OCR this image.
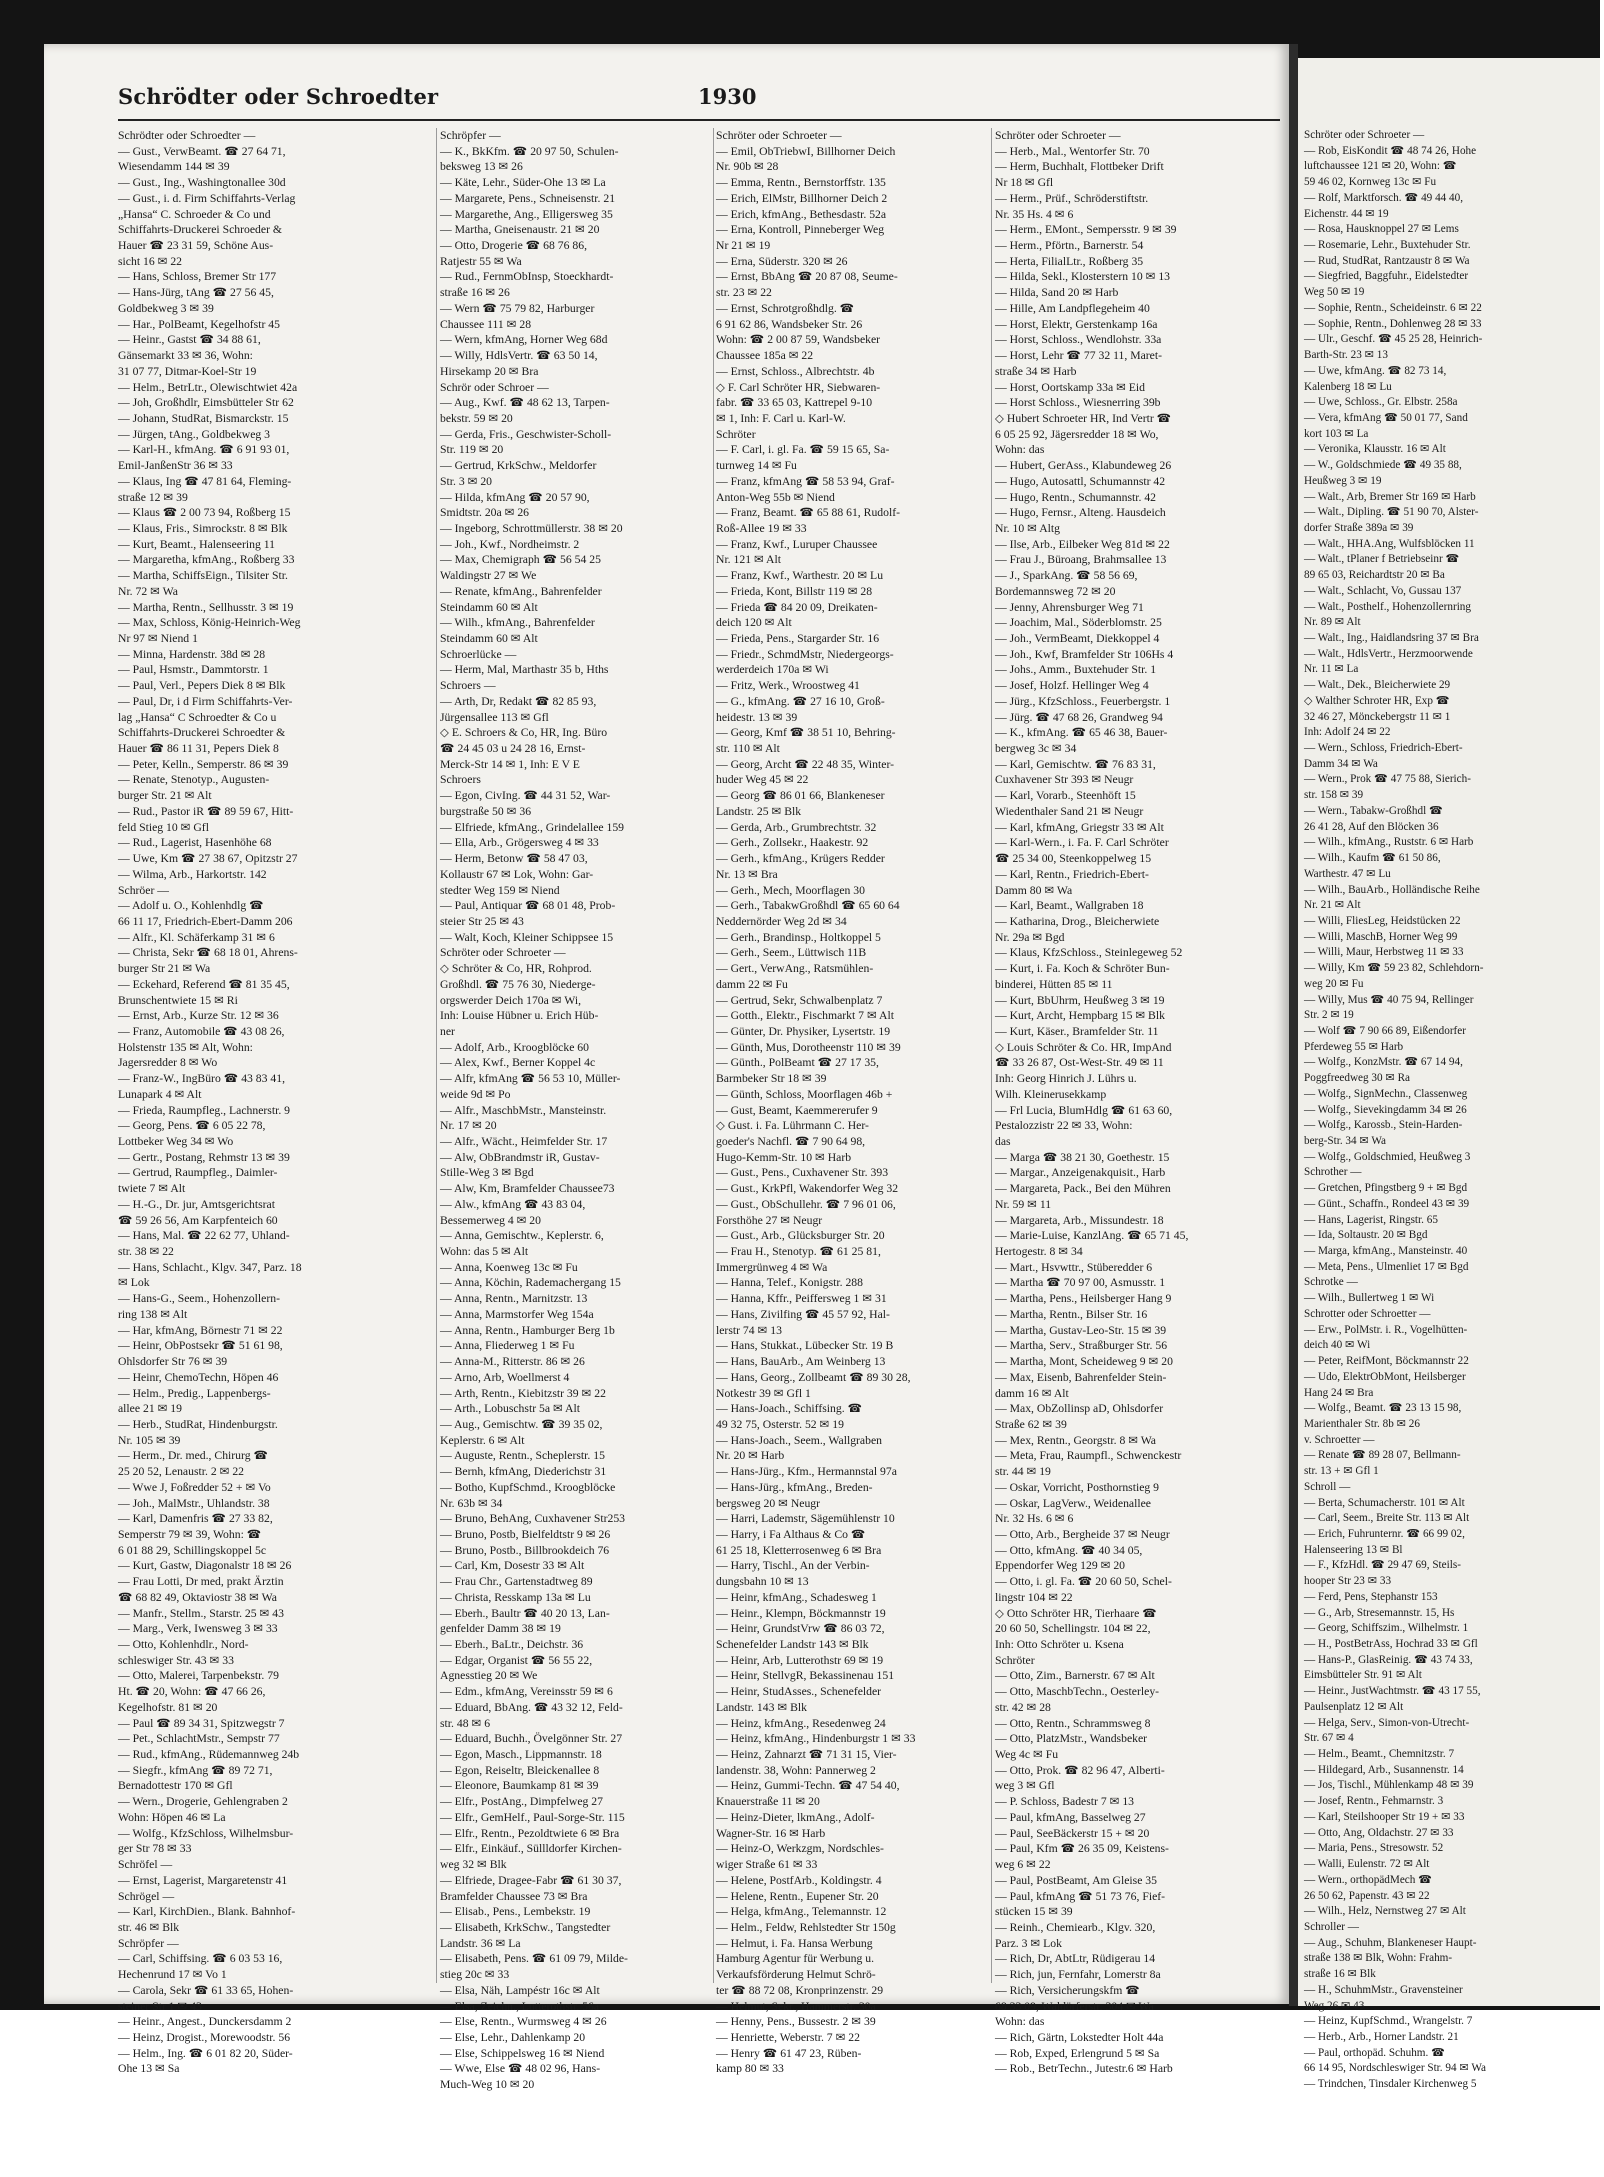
Schrödter oder Schroedter	1930
Schrödter oder Schroedter —
— Gust., VerwBeamt. ☎ 27 64 71,
Wiesendamm 144 ✉ 39
— Gust., Ing., Washingtonallee 30d
— Gust., i. d. Firm Schiffahrts-Verlag
„Hansa“ C. Schroeder & Co und
Schiffahrts-Druckerei Schroeder &
Hauer ☎ 23 31 59, Schöne Aus-
sicht 16 ✉ 22
— Hans, Schloss, Bremer Str 177
— Hans-Jürg, tAng ☎ 27 56 45,
Goldbekweg 3 ✉ 39
— Har., PolBeamt, Kegelhofstr 45
— Heinr., Gastst ☎ 34 88 61,
Gänsemarkt 33 ✉ 36, Wohn:
31 07 77, Ditmar-Koel-Str 19
— Helm., BetrLtr., Olewischtwiet 42a
— Joh, Großhdlr, Eimsbütteler Str 62
— Johann, StudRat, Bismarckstr. 15
— Jürgen, tAng., Goldbekweg 3
— Karl-H., kfmAng. ☎ 6 91 93 01,
Emil-JanßenStr 36 ✉ 33
— Klaus, Ing ☎ 47 81 64, Fleming-
straße 12 ✉ 39
— Klaus ☎ 2 00 73 94, Roßberg 15
— Klaus, Fris., Simrockstr. 8 ✉ Blk
— Kurt, Beamt., Halenseering 11
— Margaretha, kfmAng., Roßberg 33
— Martha, SchiffsEign., Tilsiter Str.
Nr. 72 ✉ Wa
— Martha, Rentn., Sellhusstr. 3 ✉ 19
— Max, Schloss, König-Heinrich-Weg
Nr 97 ✉ Niend 1
— Minna, Hardenstr. 38d ✉ 28
— Paul, Hsmstr., Dammtorstr. 1
— Paul, Verl., Pepers Diek 8 ✉ Blk
— Paul, Dr, i d Firm Schiffahrts-Ver-
lag „Hansa“ C Schroedter & Co u
Schiffahrts-Druckerei Schroedter &
Hauer ☎ 86 11 31, Pepers Diek 8
— Peter, Kelln., Semperstr. 86 ✉ 39
— Renate, Stenotyp., Augusten-
burger Str. 21 ✉ Alt
— Rud., Pastor iR ☎ 89 59 67, Hitt-
feld Stieg 10 ✉ Gfl
— Rud., Lagerist, Hasenhöhe 68
— Uwe, Km ☎ 27 38 67, Opitzstr 27
— Wilma, Arb., Harkortstr. 142
Schröer —
— Adolf u. O., Kohlenhdlg ☎
66 11 17, Friedrich-Ebert-Damm 206
— Alfr., Kl. Schäferkamp 31 ✉ 6
— Christa, Sekr ☎ 68 18 01, Ahrens-
burger Str 21 ✉ Wa
— Eckehard, Referend ☎ 81 35 45,
Brunschentwiete 15 ✉ Ri
— Ernst, Arb., Kurze Str. 12 ✉ 36
— Franz, Automobile ☎ 43 08 26,
Holstenstr 135 ✉ Alt, Wohn:
Jagersredder 8 ✉ Wo
— Franz-W., IngBüro ☎ 43 83 41,
Lunapark 4 ✉ Alt
— Frieda, Raumpfleg., Lachnerstr. 9
— Georg, Pens. ☎ 6 05 22 78,
Lottbeker Weg 34 ✉ Wo
— Gertr., Postang, Rehmstr 13 ✉ 39
— Gertrud, Raumpfleg., Daimler-
twiete 7 ✉ Alt
— H.-G., Dr. jur, Amtsgerichtsrat
☎ 59 26 56, Am Karpfenteich 60
— Hans, Mal. ☎ 22 62 77, Uhland-
str. 38 ✉ 22
— Hans, Schlacht., Klgv. 347, Parz. 18
✉ Lok
— Hans-G., Seem., Hohenzollern-
ring 138 ✉ Alt
— Har, kfmAng, Börnestr 71 ✉ 22
— Heinr, ObPostsekr ☎ 51 61 98,
Ohlsdorfer Str 76 ✉ 39
— Heinr, ChemoTechn, Höpen 46
— Helm., Predig., Lappenbergs-
allee 21 ✉ 19
— Herb., StudRat, Hindenburgstr.
Nr. 105 ✉ 39
— Herm., Dr. med., Chirurg ☎
25 20 52, Lenaustr. 2 ✉ 22
— Wwe J, Foßredder 52 + ✉ Vo
— Joh., MalMstr., Uhlandstr. 38
— Karl, Damenfris ☎ 27 33 82,
Semperstr 79 ✉ 39, Wohn: ☎
6 01 88 29, Schillingskoppel 5c
— Kurt, Gastw, Diagonalstr 18 ✉ 26
— Frau Lotti, Dr med, prakt Ärztin
☎ 68 82 49, Oktaviostr 38 ✉ Wa
— Manfr., Stellm., Starstr. 25 ✉ 43
— Marg., Verk, Iwensweg 3 ✉ 33
— Otto, Kohlenhdlr., Nord-
schleswiger Str. 43 ✉ 33
— Otto, Malerei, Tarpenbekstr. 79
Ht. ☎ 20, Wohn: ☎ 47 66 26,
Kegelhofstr. 81 ✉ 20
— Paul ☎ 89 34 31, Spitzwegstr 7
— Pet., SchlachtMstr., Sempstr 77
— Rud., kfmAng., Rüdemannweg 24b
— Siegfr., kfmAng ☎ 89 72 71,
Bernadottestr 170 ✉ Gfl
— Wern., Drogerie, Gehlengraben 2
Wohn: Höpen 46 ✉ La
— Wolfg., KfzSchloss, Wilhelmsbur-
ger Str 78 ✉ 33
Schröfel —
— Ernst, Lagerist, Margaretenstr 41
Schrögel —
— Karl, KirchDien., Blank. Bahnhof-
str. 46 ✉ Blk
Schröpfer —
— Carl, Schiffsing. ☎ 6 03 53 16,
Hechenrund 17 ✉ Vo 1
— Carola, Sekr ☎ 61 33 65, Hohen-
steiner Str 1 ✉ 43
— Heinr., Angest., Dunckersdamm 2
— Heinz, Drogist., Morewoodstr. 56
— Helm., Ing. ☎ 6 01 82 20, Süder-
Ohe 13 ✉ Sa
Schröpfer —
— K., BkKfm. ☎ 20 97 50, Schulen-
beksweg 13 ✉ 26
— Käte, Lehr., Süder-Ohe 13 ✉ La
— Margarete, Pens., Schneisenstr. 21
— Margarethe, Ang., Elligersweg 35
— Martha, Gneisenaustr. 21 ✉ 20
— Otto, Drogerie ☎ 68 76 86,
Ratjestr 55 ✉ Wa
— Rud., FernmObInsp, Stoeckhardt-
straße 16 ✉ 26
— Wern ☎ 75 79 82, Harburger
Chaussee 111 ✉ 28
— Wern, kfmAng, Horner Weg 68d
— Willy, HdlsVertr. ☎ 63 50 14,
Hirsekamp 20 ✉ Bra
Schrör oder Schroer —
— Aug., Kwf. ☎ 48 62 13, Tarpen-
bekstr. 59 ✉ 20
— Gerda, Fris., Geschwister-Scholl-
Str. 119 ✉ 20
— Gertrud, KrkSchw., Meldorfer
Str. 3 ✉ 20
— Hilda, kfmAng ☎ 20 57 90,
Smidtstr. 20a ✉ 26
— Ingeborg, Schrottmüllerstr. 38 ✉ 20
— Joh., Kwf., Nordheimstr. 2
— Max, Chemigraph ☎ 56 54 25
Waldingstr 27 ✉ We
— Renate, kfmAng., Bahrenfelder
Steindamm 60 ✉ Alt
— Wilh., kfmAng., Bahrenfelder
Steindamm 60 ✉ Alt
Schroerlücke —
— Herm, Mal, Marthastr 35 b, Hths
Schroers —
— Arth, Dr, Redakt ☎ 82 85 93,
Jürgensallee 113 ✉ Gfl
◇ E. Schroers & Co, HR, Ing. Büro
☎ 24 45 03 u 24 28 16, Ernst-
Merck-Str 14 ✉ 1, Inh: E V E
Schroers
— Egon, CivIng. ☎ 44 31 52, War-
burgstraße 50 ✉ 36
— Elfriede, kfmAng., Grindelallee 159
— Ella, Arb., Grögersweg 4 ✉ 33
— Herm, Betonw ☎ 58 47 03,
Kollaustr 67 ✉ Lok, Wohn: Gar-
stedter Weg 159 ✉ Niend
— Paul, Antiquar ☎ 68 01 48, Prob-
steier Str 25 ✉ 43
— Walt, Koch, Kleiner Schippsee 15
Schröter oder Schroeter —
◇ Schröter & Co, HR, Rohprod.
Großhdl. ☎ 75 76 30, Niederge-
orgswerder Deich 170a ✉ Wi,
Inh: Louise Hübner u. Erich Hüb-
ner
— Adolf, Arb., Kroogblöcke 60
— Alex, Kwf., Berner Koppel 4c
— Alfr, kfmAng ☎ 56 53 10, Müller-
weide 9d ✉ Po
— Alfr., MaschbMstr., Mansteinstr.
Nr. 17 ✉ 20
— Alfr., Wächt., Heimfelder Str. 17
— Alw, ObBrandmstr iR, Gustav-
Stille-Weg 3 ✉ Bgd
— Alw, Km, Bramfelder Chaussee73
— Alw., kfmAng ☎ 43 83 04,
Bessemerweg 4 ✉ 20
— Anna, Gemischtw., Keplerstr. 6,
Wohn: das 5 ✉ Alt
— Anna, Koenweg 13c ✉ Fu
— Anna, Köchin, Rademachergang 15
— Anna, Rentn., Marnitzstr. 13
— Anna, Marmstorfer Weg 154a
— Anna, Rentn., Hamburger Berg 1b
— Anna, Fliederweg 1 ✉ Fu
— Anna-M., Ritterstr. 86 ✉ 26
— Arno, Arb, Woellmerst 4
— Arth, Rentn., Kiebitzstr 39 ✉ 22
— Arth., Lobuschstr 5a ✉ Alt
— Aug., Gemischtw. ☎ 39 35 02,
Keplerstr. 6 ✉ Alt
— Auguste, Rentn., Scheplerstr. 15
— Bernh, kfmAng, Diederichstr 31
— Botho, KupfSchmd., Kroogblöcke
Nr. 63b ✉ 34
— Bruno, BehAng, Cuxhavener Str253
— Bruno, Postb, Bielfeldtstr 9 ✉ 26
— Bruno, Postb., Billbrookdeich 76
— Carl, Km, Dosestr 33 ✉ Alt
— Frau Chr., Gartenstadtweg 89
— Christa, Resskamp 13a ✉ Lu
— Eberh., Baultr ☎ 40 20 13, Lan-
genfelder Damm 38 ✉ 19
— Eberh., BaLtr., Deichstr. 36
— Edgar, Organist ☎ 56 55 22,
Agnesstieg 20 ✉ We
— Edm., kfmAng, Vereinsstr 59 ✉ 6
— Eduard, BbAng. ☎ 43 32 12, Feld-
str. 48 ✉ 6
— Eduard, Buchh., Övelgönner Str. 27
— Egon, Masch., Lippmannstr. 18
— Egon, Reiseltr, Bleickenallee 8
— Eleonore, Baumkamp 81 ✉ 39
— Elfr., PostAng., Dimpfelweg 27
— Elfr., GemHelf., Paul-Sorge-Str. 115
— Elfr., Rentn., Pezoldtwiete 6 ✉ Bra
— Elfr., Einkäuf., Süllldorfer Kirchen-
weg 32 ✉ Blk
— Elfriede, Dragee-Fabr ☎ 61 30 37,
Bramfelder Chaussee 73 ✉ Bra
— Elisab., Pens., Lembekstr. 19
— Elisabeth, KrkSchw., Tangstedter
Landstr. 36 ✉ La
— Elisabeth, Pens. ☎ 61 09 79, Milde-
stieg 20c ✉ 33
— Elsa, Näh, Lampéstr 16c ✉ Alt
— Elsa, Zeichn., Lutterothstr. 56a
— Else, Rentn., Wurmsweg 4 ✉ 26
— Else, Lehr., Dahlenkamp 20
— Else, Schippelsweg 16 ✉ Niend
— Wwe, Else ☎ 48 02 96, Hans-
Much-Weg 10 ✉ 20
Schröter oder Schroeter —
— Emil, ObTriebwI, Billhorner Deich
Nr. 90b ✉ 28
— Emma, Rentn., Bernstorffstr. 135
— Erich, ElMstr, Billhorner Deich 2
— Erich, kfmAng., Bethesdastr. 52a
— Erna, Kontroll, Pinneberger Weg
Nr 21 ✉ 19
— Erna, Süderstr. 320 ✉ 26
— Ernst, BbAng ☎ 20 87 08, Seume-
str. 23 ✉ 22
— Ernst, Schrotgroßhdlg. ☎
6 91 62 86, Wandsbeker Str. 26
Wohn: ☎ 2 00 87 59, Wandsbeker
Chaussee 185a ✉ 22
— Ernst, Schloss., Albrechtstr. 4b
◇ F. Carl Schröter HR, Siebwaren-
fabr. ☎ 33 65 03, Kattrepel 9-10
✉ 1, Inh: F. Carl u. Karl-W.
Schröter
— F. Carl, i. gl. Fa. ☎ 59 15 65, Sa-
turnweg 14 ✉ Fu
— Franz, kfmAng ☎ 58 53 94, Graf-
Anton-Weg 55b ✉ Niend
— Franz, Beamt. ☎ 65 88 61, Rudolf-
Roß-Allee 19 ✉ 33
— Franz, Kwf., Luruper Chaussee
Nr. 121 ✉ Alt
— Franz, Kwf., Warthestr. 20 ✉ Lu
— Frieda, Kont, Billstr 119 ✉ 28
— Frieda ☎ 84 20 09, Dreikaten-
deich 120 ✉ Alt
— Frieda, Pens., Stargarder Str. 16
— Friedr., SchmdMstr, Niedergeorgs-
werderdeich 170a ✉ Wi
— Fritz, Werk., Wroostweg 41
— G., kfmAng. ☎ 27 16 10, Groß-
heidestr. 13 ✉ 39
— Georg, Kmf ☎ 38 51 10, Behring-
str. 110 ✉ Alt
— Georg, Archt ☎ 22 48 35, Winter-
huder Weg 45 ✉ 22
— Georg ☎ 86 01 66, Blankeneser
Landstr. 25 ✉ Blk
— Gerda, Arb., Grumbrechtstr. 32
— Gerh., Zollsekr., Haakestr. 92
— Gerh., kfmAng., Krügers Redder
Nr. 13 ✉ Bra
— Gerh., Mech, Moorflagen 30
— Gerh., TabakwGroßhdl ☎ 65 60 64
Neddernörder Weg 2d ✉ 34
— Gerh., Brandinsp., Holtkoppel 5
— Gerh., Seem., Lüttwisch 11B
— Gert., VerwAng., Ratsmühlen-
damm 22 ✉ Fu
— Gertrud, Sekr, Schwalbenplatz 7
— Gotth., Elektr., Fischmarkt 7 ✉ Alt
— Günter, Dr. Physiker, Lysertstr. 19
— Günth, Mus, Dorotheenstr 110 ✉ 39
— Günth., PolBeamt ☎ 27 17 35,
Barmbeker Str 18 ✉ 39
— Günth, Schloss, Moorflagen 46b +
— Gust, Beamt, Kaemmererufer 9
◇ Gust. i. Fa. Lührmann C. Her-
goeder's Nachfl. ☎ 7 90 64 98,
Hugo-Kemm-Str. 10 ✉ Harb
— Gust., Pens., Cuxhavener Str. 393
— Gust., KrkPfl, Wakendorfer Weg 32
— Gust., ObSchullehr. ☎ 7 96 01 06,
Forsthöhe 27 ✉ Neugr
— Gust., Arb., Glücksburger Str. 20
— Frau H., Stenotyp. ☎ 61 25 81,
Immergrünweg 4 ✉ Wa
— Hanna, Telef., Konigstr. 288
— Hanna, Kffr., Peiffersweg 1 ✉ 31
— Hans, Zivilfing ☎ 45 57 92, Hal-
lerstr 74 ✉ 13
— Hans, Stukkat., Lübecker Str. 19 B
— Hans, BauArb., Am Weinberg 13
— Hans, Georg., Zollbeamt ☎ 89 30 28,
Notkestr 39 ✉ Gfl 1
— Hans-Joach., Schiffsing. ☎
49 32 75, Osterstr. 52 ✉ 19
— Hans-Joach., Seem., Wallgraben
Nr. 20 ✉ Harb
— Hans-Jürg., Kfm., Hermannstal 97a
— Hans-Jürg., kfmAng., Breden-
bergsweg 20 ✉ Neugr
— Harri, Lademstr, Sägemühlenstr 10
— Harry, i Fa Althaus & Co ☎
61 25 18, Kletterrosenweg 6 ✉ Bra
— Harry, Tischl., An der Verbin-
dungsbahn 10 ✉ 13
— Heinr, kfmAng., Schadesweg 1
— Heinr., Klempn, Böckmannstr 19
— Heinr, GrundstVrw ☎ 86 03 72,
Schenefelder Landstr 143 ✉ Blk
— Heinr, Arb, Lutterothstr 69 ✉ 19
— Heinr, StellvgR, Bekassinenau 151
— Heinr, StudAsses., Schenefelder
Landstr. 143 ✉ Blk
— Heinz, kfmAng., Resedenweg 24
— Heinz, kfmAng., Hindenburgstr 1 ✉ 33
— Heinz, Zahnarzt ☎ 71 31 15, Vier-
landenstr. 38, Wohn: Pannerweg 2
— Heinz, Gummi-Techn. ☎ 47 54 40,
Knauerstraße 11 ✉ 20
— Heinz-Dieter, lkmAng., Adolf-
Wagner-Str. 16 ✉ Harb
— Heinz-O, Werkzgm, Nordschles-
wiger Straße 61 ✉ 33
— Helene, PostfArb., Koldingstr. 4
— Helene, Rentn., Eupener Str. 20
— Helga, kfmAng., Telemannstr. 12
— Helm., Feldw, Rehlstedter Str 150g
— Helmut, i. Fa. Hansa Werbung
Hamburg Agentur für Werbung u.
Verkaufsförderung Helmut Schrö-
ter ☎ 88 72 08, Kronprinzenstr. 29
— Helmut, Sekr., Hammerstr. 30a
— Henny, Pens., Bussestr. 2 ✉ 39
— Henriette, Weberstr. 7 ✉ 22
— Henry ☎ 61 47 23, Rüben-
kamp 80 ✉ 33
Schröter oder Schroeter —
— Herb., Mal., Wentorfer Str. 70
— Herm, Buchhalt, Flottbeker Drift
Nr 18 ✉ Gfl
— Herm., Prüf., Schröderstiftstr.
Nr. 35 Hs. 4 ✉ 6
— Herm., EMont., Sempersstr. 9 ✉ 39
— Herm., Pförtn., Barnerstr. 54
— Herta, FilialLtr., Roßberg 35
— Hilda, Sekl., Klosterstern 10 ✉ 13
— Hilda, Sand 20 ✉ Harb
— Hille, Am Landpflegeheim 40
— Horst, Elektr, Gerstenkamp 16a
— Horst, Schloss., Wendlohstr. 33a
— Horst, Lehr ☎ 77 32 11, Maret-
straße 34 ✉ Harb
— Horst, Oortskamp 33a ✉ Eid
— Horst Schloss., Wiesnerring 39b
◇ Hubert Schroeter HR, Ind Vertr ☎
6 05 25 92, Jägersredder 18 ✉ Wo,
Wohn: das
— Hubert, GerAss., Klabundeweg 26
— Hugo, Autosattl, Schumannstr 42
— Hugo, Rentn., Schumannstr. 42
— Hugo, Fernsr., Alteng. Hausdeich
Nr. 10 ✉ Altg
— Ilse, Arb., Eilbeker Weg 81d ✉ 22
— Frau J., Büroang, Brahmsallee 13
— J., SparkAng. ☎ 58 56 69,
Bordemannsweg 72 ✉ 20
— Jenny, Ahrensburger Weg 71
— Joachim, Mal., Söderblomstr. 25
— Joh., VermBeamt, Diekkoppel 4
— Joh., Kwf, Bramfelder Str 106Hs 4
— Johs., Amm., Buxtehuder Str. 1
— Josef, Holzf. Hellinger Weg 4
— Jürg., KfzSchloss., Feuerbergstr. 1
— Jürg. ☎ 47 68 26, Grandweg 94
— K., kfmAng. ☎ 65 46 38, Bauer-
bergweg 3c ✉ 34
— Karl, Gemischtw. ☎ 76 83 31,
Cuxhavener Str 393 ✉ Neugr
— Karl, Vorarb., Steenhöft 15
Wiedenthaler Sand 21 ✉ Neugr
— Karl, kfmAng, Griegstr 33 ✉ Alt
— Karl-Wern., i. Fa. F. Carl Schröter
☎ 25 34 00, Steenkoppelweg 15
— Karl, Rentn., Friedrich-Ebert-
Damm 80 ✉ Wa
— Karl, Beamt., Wallgraben 18
— Katharina, Drog., Bleicherwiete
Nr. 29a ✉ Bgd
— Klaus, KfzSchloss., Steinlegeweg 52
— Kurt, i. Fa. Koch & Schröter Bun-
binderei, Hütten 85 ✉ 11
— Kurt, BbUhrm, Heußweg 3 ✉ 19
— Kurt, Archt, Hempbarg 15 ✉ Blk
— Kurt, Käser., Bramfelder Str. 11
◇ Louis Schröter & Co. HR, ImpAnd
☎ 33 26 87, Ost-West-Str. 49 ✉ 11
Inh: Georg Hinrich J. Lührs u.
Wilh. Kleinerusekkamp
— Frl Lucia, BlumHdlg ☎ 61 63 60,
Pestalozzistr 22 ✉ 33, Wohn:
das
— Marga ☎ 38 21 30, Goethestr. 15
— Margar., Anzeigenakquisit., Harb
— Margareta, Pack., Bei den Mühren
Nr. 59 ✉ 11
— Margareta, Arb., Missundestr. 18
— Marie-Luise, KanzlAng. ☎ 65 71 45,
Hertogestr. 8 ✉ 34
— Mart., Hsvwttr., Stüberedder 6
— Martha ☎ 70 97 00, Asmusstr. 1
— Martha, Pens., Heilsberger Hang 9
— Martha, Rentn., Bilser Str. 16
— Martha, Gustav-Leo-Str. 15 ✉ 39
— Martha, Serv., Straßburger Str. 56
— Martha, Mont, Scheideweg 9 ✉ 20
— Max, Eisenb, Bahrenfelder Stein-
damm 16 ✉ Alt
— Max, ObZollinsp aD, Ohlsdorfer
Straße 62 ✉ 39
— Mex, Rentn., Georgstr. 8 ✉ Wa
— Meta, Frau, Raumpfl., Schwenckestr
str. 44 ✉ 19
— Oskar, Vorricht, Posthornstieg 9
— Oskar, LagVerw., Weidenallee
Nr. 32 Hs. 6 ✉ 6
— Otto, Arb., Bergheide 37 ✉ Neugr
— Otto, kfmAng. ☎ 40 34 05,
Eppendorfer Weg 129 ✉ 20
— Otto, i. gl. Fa. ☎ 20 60 50, Schel-
lingstr 104 ✉ 22
◇ Otto Schröter HR, Tierhaare ☎
20 60 50, Schellingstr. 104 ✉ 22,
Inh: Otto Schröter u. Ksena
Schröter
— Otto, Zim., Barnerstr. 67 ✉ Alt
— Otto, MaschbTechn., Oesterley-
str. 42 ✉ 28
— Otto, Rentn., Schrammsweg 8
— Otto, PlatzMstr., Wandsbeker
Weg 4c ✉ Fu
— Otto, Prok. ☎ 82 96 47, Alberti-
weg 3 ✉ Gfl
— P. Schloss, Badestr 7 ✉ 13
— Paul, kfmAng, Basselweg 27
— Paul, SeeBäckerstr 15 + ✉ 20
— Paul, Kfm ☎ 26 35 09, Keistens-
weg 6 ✉ 22
— Paul, PostBeamt, Am Gleise 35
— Paul, kfmAng ☎ 51 73 76, Fief-
stücken 15 ✉ 39
— Reinh., Chemiearb., Klgv. 320,
Parz. 3 ✉ Lok
— Rich, Dr, AbtLtr, Rüdigerau 14
— Rich, jun, Fernfahr, Lomerstr 8a
— Rich, Versicherungskfm ☎
68 33 09, Waldörferstr. 304 ✉ Wa
Wohn: das
— Rich, Gärtn, Lokstedter Holt 44a
— Rob, Exped, Erlengrund 5 ✉ Sa
— Rob., BetrTechn., Jutestr.6 ✉ Harb
Schröter oder Schroeter —
— Rob, EisKondit ☎ 48 74 26, Hohe
luftchaussee 121 ✉ 20, Wohn: ☎
59 46 02, Kornweg 13c ✉ Fu
— Rolf, Marktforsch. ☎ 49 44 40,
Eichenstr. 44 ✉ 19
— Rosa, Hausknoppel 27 ✉ Lems
— Rosemarie, Lehr., Buxtehuder Str.
— Rud, StudRat, Rantzaustr 8 ✉ Wa
— Siegfried, Baggfuhr., Eidelstedter
Weg 50 ✉ 19
— Sophie, Rentn., Scheideinstr. 6 ✉ 22
— Sophie, Rentn., Dohlenweg 28 ✉ 33
— Ulr., Geschf. ☎ 45 25 28, Heinrich-
Barth-Str. 23 ✉ 13
— Uwe, kfmAng. ☎ 82 73 14,
Kalenberg 18 ✉ Lu
— Uwe, Schloss., Gr. Elbstr. 258a
— Vera, kfmAng ☎ 50 01 77, Sand
kort 103 ✉ La
— Veronika, Klausstr. 16 ✉ Alt
— W., Goldschmiede ☎ 49 35 88,
Heußweg 3 ✉ 19
— Walt., Arb, Bremer Str 169 ✉ Harb
— Walt., Dipling. ☎ 51 90 70, Alster-
dorfer Straße 389a ✉ 39
— Walt., HHA.Ang, Wulfsblöcken 11
— Walt., tPlaner f Betriebseinr ☎
89 65 03, Reichardtstr 20 ✉ Ba
— Walt., Schlacht, Vo, Gussau 137
— Walt., Posthelf., Hohenzollernring
Nr. 89 ✉ Alt
— Walt., Ing., Haidlandsring 37 ✉ Bra
— Walt., HdlsVertr., Herzmoorwende
Nr. 11 ✉ La
— Walt., Dek., Bleicherwiete 29
◇ Walther Schroter HR, Exp ☎
32 46 27, Mönckebergstr 11 ✉ 1
Inh: Adolf 24 ✉ 22
— Wern., Schloss, Friedrich-Ebert-
Damm 34 ✉ Wa
— Wern., Prok ☎ 47 75 88, Sierich-
str. 158 ✉ 39
— Wern., Tabakw-Großhdl ☎
26 41 28, Auf den Blöcken 36
— Wilh., kfmAng., Ruststr. 6 ✉ Harb
— Wilh., Kaufm ☎ 61 50 86,
Warthestr. 47 ✉ Lu
— Wilh., BauArb., Holländische Reihe
Nr. 21 ✉ Alt
— Willi, FliesLeg, Heidstücken 22
— Willi, MaschB, Horner Weg 99
— Willi, Maur, Herbstweg 11 ✉ 33
— Willy, Km ☎ 59 23 82, Schlehdorn-
weg 20 ✉ Fu
— Willy, Mus ☎ 40 75 94, Rellinger
Str. 2 ✉ 19
— Wolf ☎ 7 90 66 89, Eißendorfer
Pferdeweg 55 ✉ Harb
— Wolfg., KonzMstr. ☎ 67 14 94,
Poggfreedweg 30 ✉ Ra
— Wolfg., SignMechn., Classenweg
— Wolfg., Sievekingdamm 34 ✉ 26
— Wolfg., Karossb., Stein-Harden-
berg-Str. 34 ✉ Wa
— Wolfg., Goldschmied, Heußweg 3
Schrother —
— Gretchen, Pfingstberg 9 + ✉ Bgd
— Günt., Schaffn., Rondeel 43 ✉ 39
— Hans, Lagerist, Ringstr. 65
— Ida, Soltaustr. 20 ✉ Bgd
— Marga, kfmAng., Mansteinstr. 40
— Meta, Pens., Ulmenliet 17 ✉ Bgd
Schrotke —
— Wilh., Bullertweg 1 ✉ Wi
Schrotter oder Schroetter —
— Erw., PolMstr. i. R., Vogelhütten-
deich 40 ✉ Wi
— Peter, ReifMont, Böckmannstr 22
— Udo, ElektrObMont, Heilsberger
Hang 24 ✉ Bra
— Wolfg., Beamt. ☎ 23 13 15 98,
Marienthaler Str. 8b ✉ 26
v. Schroetter —
— Renate ☎ 89 28 07, Bellmann-
str. 13 + ✉ Gfl 1
Schroll —
— Berta, Schumacherstr. 101 ✉ Alt
— Carl, Seem., Breite Str. 113 ✉ Alt
— Erich, Fuhrunternr. ☎ 66 99 02,
Halenseering 13 ✉ Bl
— F., KfzHdl. ☎ 29 47 69, Steils-
hooper Str 23 ✉ 33
— Ferd, Pens, Stephanstr 153
— G., Arb, Stresemannstr. 15, Hs
— Georg, Schiffszim., Wilhelmstr. 1
— H., PostBetrAss, Hochrad 33 ✉ Gfl
— Hans-P., GlasReinig. ☎ 43 74 33,
Eimsbütteler Str. 91 ✉ Alt
— Heinr., JustWachtmstr. ☎ 43 17 55,
Paulsenplatz 12 ✉ Alt
— Helga, Serv., Simon-von-Utrecht-
Str. 67 ✉ 4
— Helm., Beamt., Chemnitzstr. 7
— Hildegard, Arb., Susannenstr. 14
— Jos, Tischl., Mühlenkamp 48 ✉ 39
— Josef, Rentn., Fehmarnstr. 3
— Karl, Steilshooper Str 19 + ✉ 33
— Otto, Ang, Oldachstr. 27 ✉ 33
— Maria, Pens., Stresowstr. 52
— Walli, Eulenstr. 72 ✉ Alt
— Wern., orthopädMech ☎
26 50 62, Papenstr. 43 ✉ 22
— Wilh., Helz, Nernstweg 27 ✉ Alt
Schroller —
— Aug., Schuhm, Blankeneser Haupt-
straße 138 ✉ Blk, Wohn: Frahm-
straße 16 ✉ Blk
— H., SchuhmMstr., Gravensteiner
Weg 26 ✉ 43
— Heinz, KupfSchmd., Wrangelstr. 7
— Herb., Arb., Horner Landstr. 21
— Paul, orthopäd. Schuhm. ☎
66 14 95, Nordschleswiger Str. 94 ✉ Wa
— Trindchen, Tinsdaler Kirchenweg 5
